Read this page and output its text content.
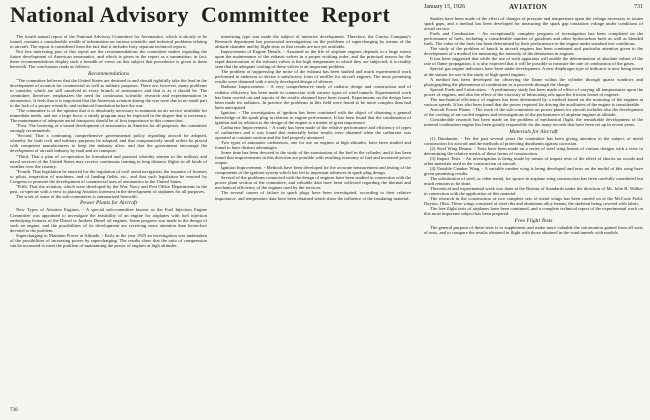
National Advisory Committee Report	January 15, 1926	AVIATION	731

The fourth annual report of the National Advisory Committee for Aeronautics, which is shortly to be issued, contains a considerable wealth of information on various scientific and technical problems relating to aircraft. The report is considered from the fact that it includes forty separate technical reports.

Not less interesting part of this report are the recommendations the committee makes regarding the future development of American aeronautics, and which is given in the report as a summation; in fact, these recommendations display such a breadth of views on this subject that precedence is given to them herewith. The conclusions reads as follows:

Recommendations

"The committee believes that the United States are destined to and should rightfully take the lead in the development of aviation for commercial as well as military purposes. There are, however, many problems to consider, which are still unsolved in every branch of aeronautics and that is as it should be. The committee, therefore, emphasizes the need for continuous scientific research and experimentation in aeronautics. It feels that it is important that the American aviation during the war were due in no small part to the lack of a proper scientific and technical foundation before the war.

"The committee is of the opinion that it is absolutely necessary to maintain an air service available for immediate needs, and not a large force, a steady program may be expected in the degree that is necessary. The maintenance of adequate aerial transports should be of first importance in this connection.

"First. The fostering of a sound development of aeronautics in America for all purposes, the committee strongly recommends:

"Second. That a continuing, comprehensive governmental policy regarding aircraft be adopted, whereby for both civil and military purposes be adopted, and that comparatively small orders be placed with competent manufacturers to keep the industry alive, and that the government encourage the development of aircraft industry by mail and air transport.

"Third. That a plan of co-operation be formulated and pursued whereby airmen in the military and naval services of the United States may receive continuous training in long distance flights in all kinds of weather over the country.

"Fourth. That legislation be enacted for the regulation of civil aerial navigation, the issuance of licenses to pilots, inspection of machines, and of landing fields, etc., and that such legislation be enacted by Congress to promote the development of commercial uses of aeronautics in the United States.

"Fifth. That the aviation, which were developed by the War, Navy and Post Office Departments in the past, co-operate with a view to placing Aviation foremost in the development of airplanes for all purposes.

The work of some of the sub-committees is summarized herewith:

Power Plants for Aircraft

New Types of Aviation Engines. - A special sub-committee known as the Fuel Injection Engine Committee was appointed to investigate the feasibility of an engine for airplanes with fuel injection embodying features of the Diesel or Junkers Diesel oil engines. Some progress was made in the design of such an engine, and the possibilities of its development are receiving more attention than heretofore devoted to the problem.

Supercharging to Maintain Power at Altitude. - Early in the year 1925 an investigation was undertaken of the possibilities of increasing power by supercharging. The results show that the ratio of compression can be increased to meet the problem of maintaining the power of engines at high altitudes.

interesting type was made the subject of intensive development. Therefore, the Curtiss Company's Research department has prosecuted investigations on the problems of supercharging by means of the altitude chamber and by flight tests so that results are not yet available.

Improvement of Engine Details. - Assumed as the life of airplane engines depends to a large extent upon the maintenance of the exhaust valves in a proper working order, and the principal reason for the rapid deterioration of the exhaust valves is the high temperature to which they are subjected, it is readily seen that the adequate cooling of these valves is an important problem.

The problem of suppressing the noise of the exhaust has been studied and much experimental work performed in endeavor to devise a satisfactory form of muffler for aircraft engines. The most promising results were obtained with a newly developed design of silencer.

Radiator Improvement. - A very comprehensive study of radiator design and construction and of radiator efficiency has been made in connection with various types of wind tunnels. Experimental work has been carried out and reports of the results obtained have been issued. Experiments on the design have been made for radiators. In practice the problems in this field were found to be more complex than had been anticipated.

Ignition. - The investigation of ignition has been continued with the object of obtaining a general knowledge of the spark plug in relation to engine performance. It has been found that the combination of ignition and its relation to the design of the engine is a matter of great importance.

Carburetor Improvement. - A study has been made of the relative performance and efficiency of types of carburetors and it was found that materially better results were obtained when the carburetor was operated at constant suction and the fuel properly atomized.

Two types of automatic carburetors, one for use on engines at high altitudes, have been studied and found to have distinct advantages.

Some time has been devoted to the study of the atomization of the fuel in the cylinder, and it has been found that improvements in this direction are possible with resulting economy of fuel and increased power output.

Ignition Improvement. - Methods have been developed for the accurate measurement and testing of the components of the ignition system which has led to important advances in spark plug design.

Several of the problems connected with the design of engines have been studied in connection with the power plant section of the committee, and valuable data have been collected regarding the thermal and mechanical efficiency of the engines used by the services.

The several causes of failure in spark plugs have been investigated, according to their relative importance, and temperature data have been obtained which show the influence of the insulating material.

Studies have been made of the effect of changes of pressure and temperature upon the voltage necessary to ionize spark gaps, and a method has been developed for measuring the spark gap ionization voltage under conditions of actual service.

Fuels and Combustion. - An exceptionally complete program of investigation has been completed on the performance of fuels, including a considerable number of gasolines and other hydrocarbon fuels as well as blended fuels. The value of the fuels has been determined by their performance in the engine under standard test conditions.

The study of the problem of knock in aircraft engines has been continued and particular attention given to the development of a method for measuring the intensity of the detonation in engines.

It has been suggested that while the use of such apparatus will enable the determination of absolute values of the rate of flame propagation, it is also expected that it will be possible to measure the rate of combustion of the gases.

Special gas engine indicators have been under development. A new diaphragm type of indicator is now being tested at the station for use in the study of high speed engines.

A method has been developed for observing the flame within the cylinder through quartz windows and photographing the phenomena of combustion as it proceeds through the charge.

Special Fuels and Lubrication. - A preliminary study has been made of effect of varying all temperatures upon the power of engines, and also the effect of the viscosity of lubricating oils upon the friction losses of engines.

The mechanical efficiency of engines has been determined by a method based on the motoring of the engines at various speeds. It has also been found that the power required for driving the auxiliaries of the engine is considerable.

Aircraft Power Plants. - The work of the sub-committee on power plants for aircraft includes also the development of the cooling of air-cooled engines and investigations of the performance of airplane engines at altitude.

Considerable research has been made on the problem of mechanical flight, the remarkable development of the internal combustion engine has been greatly responsible for the many records that have been set up in recent years.

Materials for Aircraft

(1) Duralumin. - For the past several years the committee has been giving attention to the subject of metal construction for aircraft and the methods of protecting duralumin against corrosion.

(2) Steel Wing Beams. - Tests have been made on a series of steel wing beams of various designs with a view to determining the relative merits of these forms of construction.

(3) Impact Tests. - An investigation is being made by means of impact tests of the effect of shocks on woods and other materials used in the construction of aircraft.

(4) Variable Camber Wing. - A variable camber wing is being developed and tests on the model of this wing have given promising results.

The substitution of steel, or other metal, for spruce in airplane wing construction has been carefully considered but much remains to be done.

Theoretical and experimental work was done at the Bureau of Standards under the direction of Mr. John H. Walker in connection with the application of this material.

The research in the construction of two complete sets of metal wings has been carried on at the McCook Field, Dayton, Ohio. These wings consisted of steel ribs and aluminum alloy beams, the skeleton being covered with fabric.

The free flight tests of airplanes have been continued, and a complete technical report of the experimental work on this most important subject has been prepared.

Free Flight Tests

The general purpose of these tests is to supplement and make more valuable the information gained from all sorts of tests, and to compare the results obtained in flight with those obtained in the wind tunnels with models.

730
